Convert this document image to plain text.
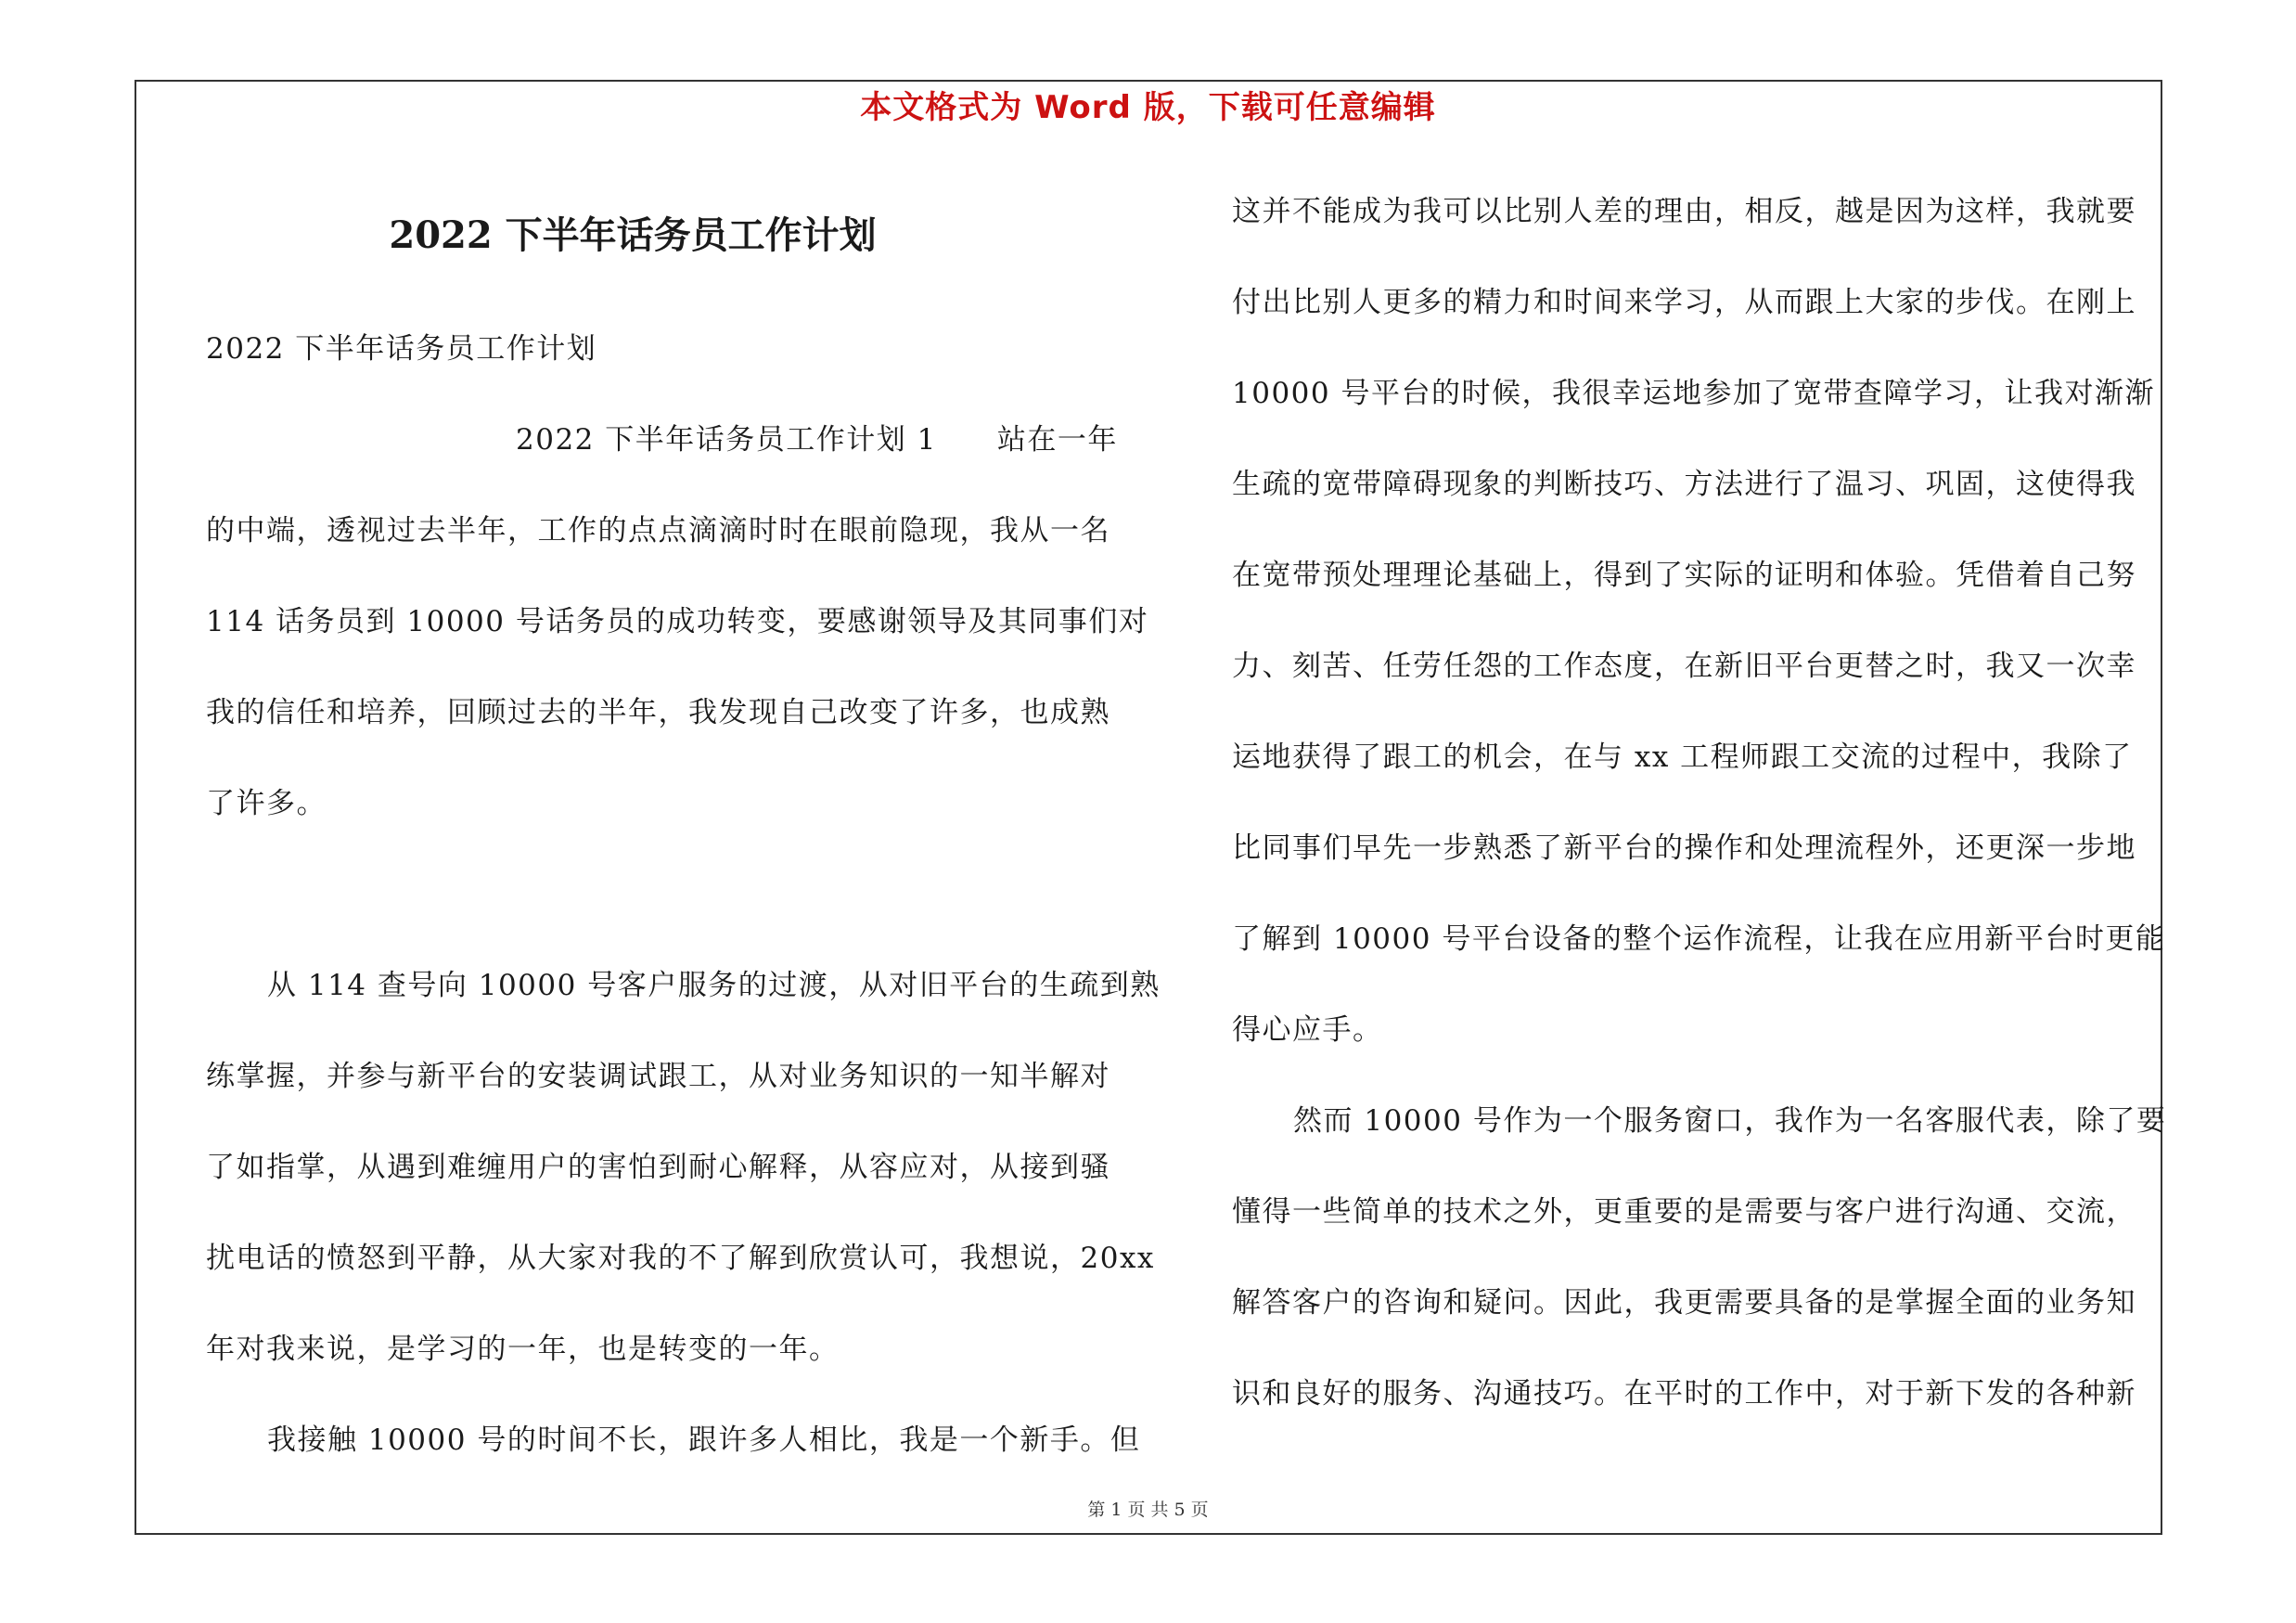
本文格式为 Word 版，下载可任意编辑
2022 下半年话务员工作计划
2022 下半年话务员工作计划
2022 下半年话务员工作计划 1　　站在一年
的中端，透视过去半年，工作的点点滴滴时时在眼前隐现，我从一名
114 话务员到 10000 号话务员的成功转变，要感谢领导及其同事们对
我的信任和培养，回顾过去的半年，我发现自己改变了许多，也成熟
了许多。
从 114 查号向 10000 号客户服务的过渡，从对旧平台的生疏到熟
练掌握，并参与新平台的安装调试跟工，从对业务知识的一知半解对
了如指掌，从遇到难缠用户的害怕到耐心解释，从容应对，从接到骚
扰电话的愤怒到平静，从大家对我的不了解到欣赏认可，我想说，20xx
年对我来说，是学习的一年，也是转变的一年。
我接触 10000 号的时间不长，跟许多人相比，我是一个新手。但
这并不能成为我可以比别人差的理由，相反，越是因为这样，我就要
付出比别人更多的精力和时间来学习，从而跟上大家的步伐。在刚上
10000 号平台的时候，我很幸运地参加了宽带查障学习，让我对渐渐
生疏的宽带障碍现象的判断技巧、方法进行了温习、巩固，这使得我
在宽带预处理理论基础上，得到了实际的证明和体验。凭借着自己努
力、刻苦、任劳任怨的工作态度，在新旧平台更替之时，我又一次幸
运地获得了跟工的机会，在与 xx 工程师跟工交流的过程中，我除了
比同事们早先一步熟悉了新平台的操作和处理流程外，还更深一步地
了解到 10000 号平台设备的整个运作流程，让我在应用新平台时更能
得心应手。
然而 10000 号作为一个服务窗口，我作为一名客服代表，除了要
懂得一些简单的技术之外，更重要的是需要与客户进行沟通、交流，
解答客户的咨询和疑问。因此，我更需要具备的是掌握全面的业务知
识和良好的服务、沟通技巧。在平时的工作中，对于新下发的各种新
第 1 页 共 5 页
